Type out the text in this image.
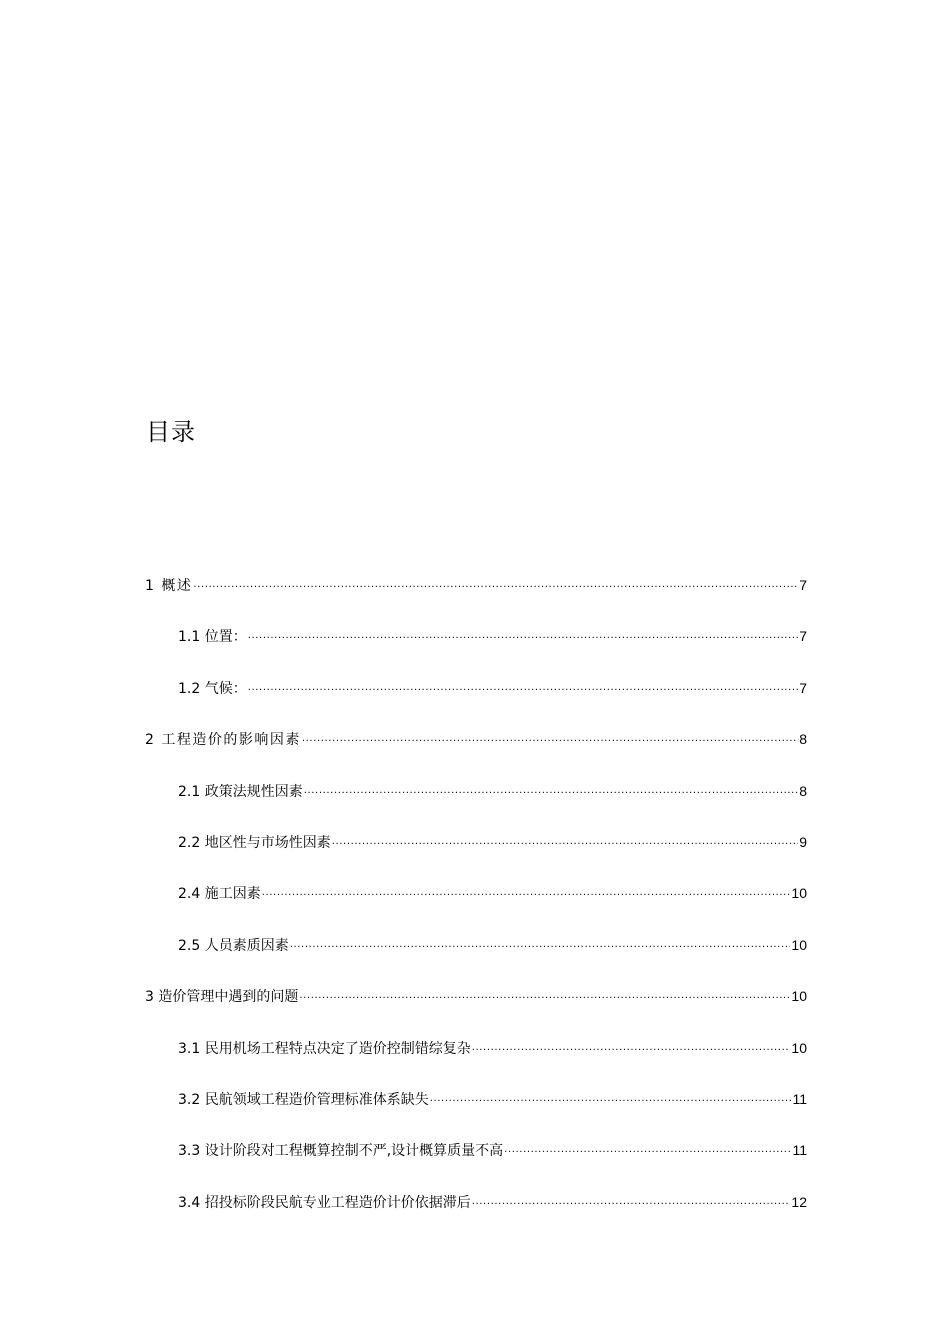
目录
1 概述 .....	7
1.1 位置： .....	7
1.2 气候： .....	7
2 工程造价的影响因素 .....	8
2.1 政策法规性因素 .....	8
2.2 地区性与市场性因素 .....	9
2.4 施工因素 .....	10
2.5 人员素质因素 .....	10
3 造价管理中遇到的问题 .....	10
3.1 民用机场工程特点决定了造价控制错综复杂 .....	10
3.2 民航领域工程造价管理标准体系缺失 .....	11
3.3 设计阶段对工程概算控制不严,设计概算质量不高 .....	11
3.4 招投标阶段民航专业工程造价计价依据滞后 .....	12
